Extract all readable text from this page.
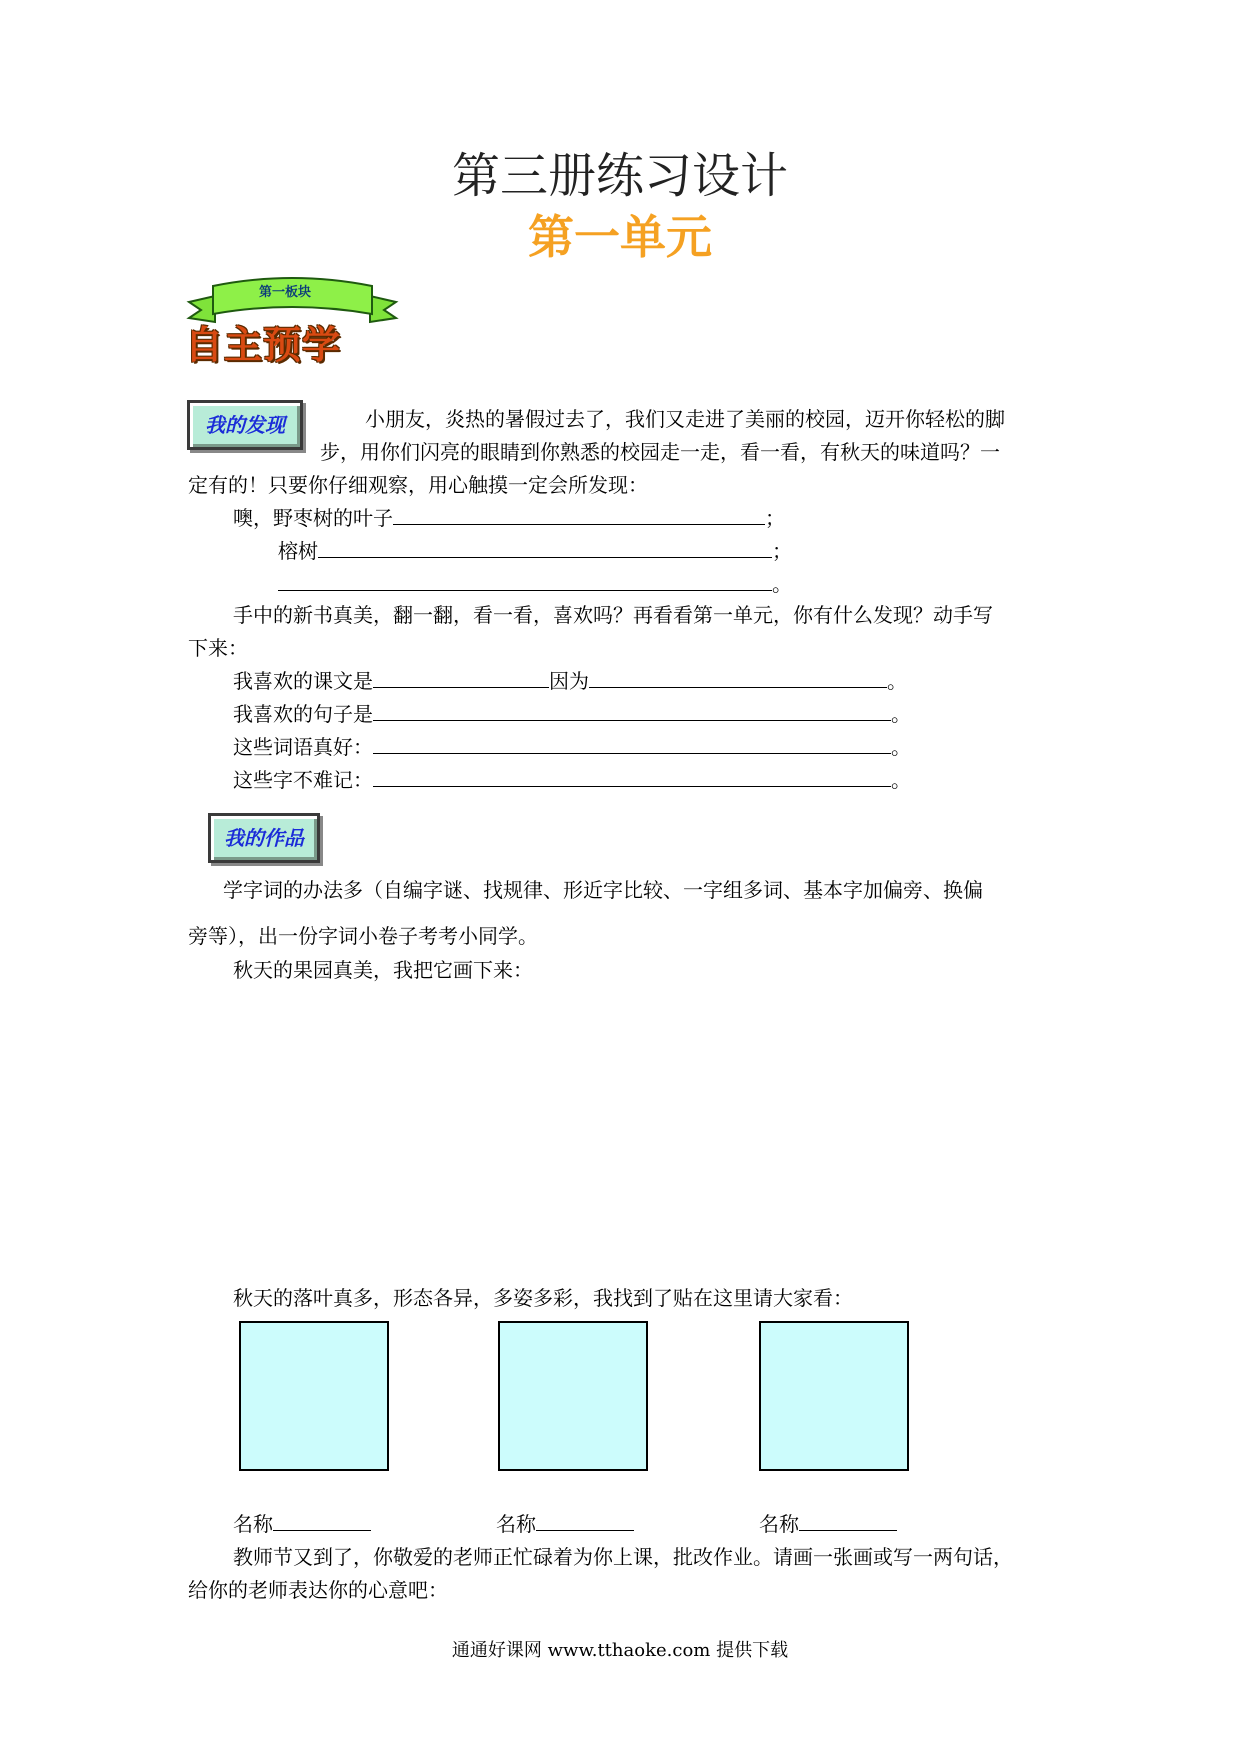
第三册练习设计
第一单元
第一板块
自主预学
我的发现	小朋友，炎热的暑假过去了，我们又走进了美丽的校园，迈开你轻松的脚
步，用你们闪亮的眼睛到你熟悉的校园走一走，看一看，有秋天的味道吗？一
定有的！只要你仔细观察，用心触摸一定会所发现：
噢，野枣树的叶子	；
榕树	；
。
手中的新书真美，翻一翻，看一看，喜欢吗？再看看第一单元，你有什么发现？动手写
下来：
我喜欢的课文是	因为	。
我喜欢的句子是	。
这些词语真好：	。
这些字不难记：	。
我的作品
学字词的办法多（自编字谜、找规律、形近字比较、一字组多词、基本字加偏旁、换偏
旁等），出一份字词小卷子考考小同学。
秋天的果园真美，我把它画下来：
秋天的落叶真多，形态各异，多姿多彩，我找到了贴在这里请大家看：
名称	名称	名称
教师节又到了，你敬爱的老师正忙碌着为你上课，批改作业。请画一张画或写一两句话，
给你的老师表达你的心意吧：
通通好课网 www.tthaoke.com 提供下载
